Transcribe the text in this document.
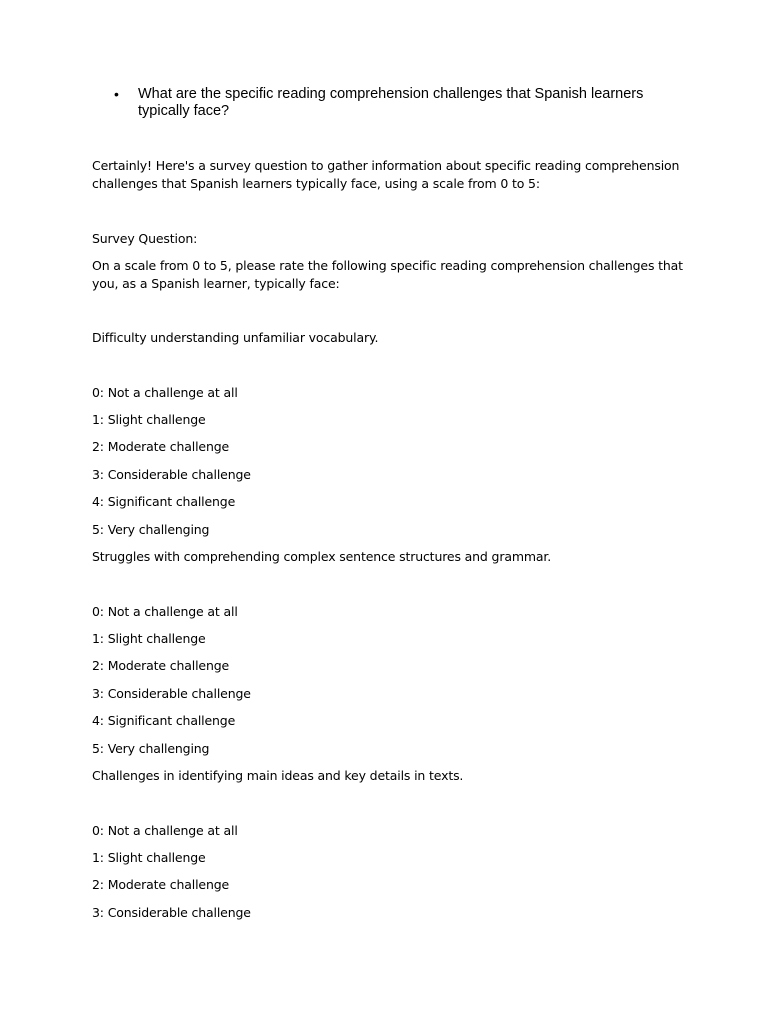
•	What are the specific reading comprehension challenges that Spanish learners typically face?
Certainly! Here's a survey question to gather information about specific reading comprehension challenges that Spanish learners typically face, using a scale from 0 to 5:
Survey Question:
On a scale from 0 to 5, please rate the following specific reading comprehension challenges that you, as a Spanish learner, typically face:
Difficulty understanding unfamiliar vocabulary.
0: Not a challenge at all
1: Slight challenge
2: Moderate challenge
3: Considerable challenge
4: Significant challenge
5: Very challenging
Struggles with comprehending complex sentence structures and grammar.
0: Not a challenge at all
1: Slight challenge
2: Moderate challenge
3: Considerable challenge
4: Significant challenge
5: Very challenging
Challenges in identifying main ideas and key details in texts.
0: Not a challenge at all
1: Slight challenge
2: Moderate challenge
3: Considerable challenge
